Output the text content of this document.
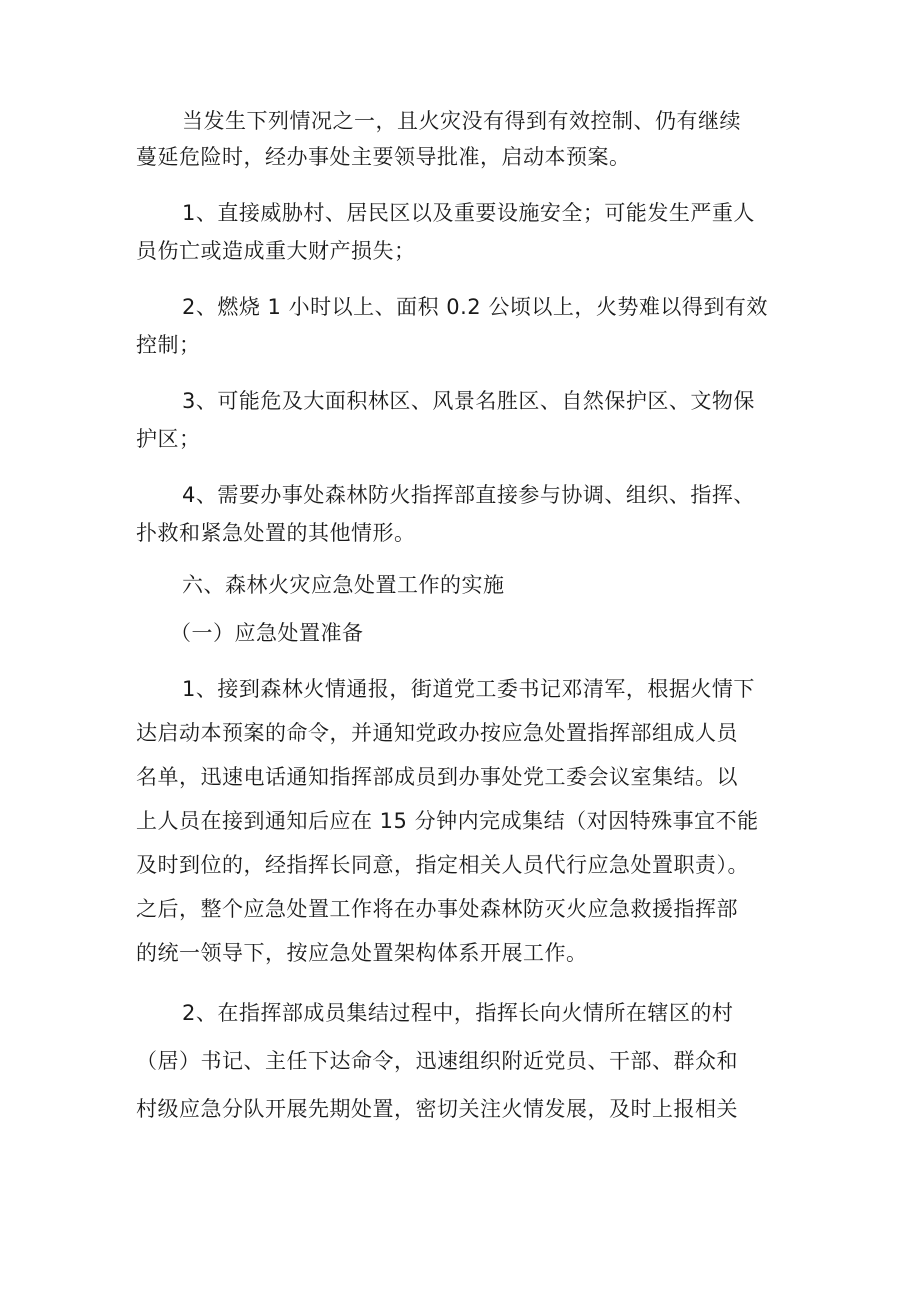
当发生下列情况之一，且火灾没有得到有效控制、仍有继续
蔓延危险时，经办事处主要领导批准，启动本预案。
1、直接威胁村、居民区以及重要设施安全；可能发生严重人
员伤亡或造成重大财产损失；
2、燃烧 1 小时以上、面积 0.2 公顷以上，火势难以得到有效
控制；
3、可能危及大面积林区、风景名胜区、自然保护区、文物保
护区；
4、需要办事处森林防火指挥部直接参与协调、组织、指挥、
扑救和紧急处置的其他情形。
六、森林火灾应急处置工作的实施
（一）应急处置准备
1、接到森林火情通报，街道党工委书记邓清军，根据火情下
达启动本预案的命令，并通知党政办按应急处置指挥部组成人员
名单，迅速电话通知指挥部成员到办事处党工委会议室集结。以
上人员在接到通知后应在 15 分钟内完成集结（对因特殊事宜不能
及时到位的，经指挥长同意，指定相关人员代行应急处置职责）。
之后，整个应急处置工作将在办事处森林防灭火应急救援指挥部
的统一领导下，按应急处置架构体系开展工作。
2、在指挥部成员集结过程中，指挥长向火情所在辖区的村
（居）书记、主任下达命令，迅速组织附近党员、干部、群众和
村级应急分队开展先期处置，密切关注火情发展，及时上报相关
